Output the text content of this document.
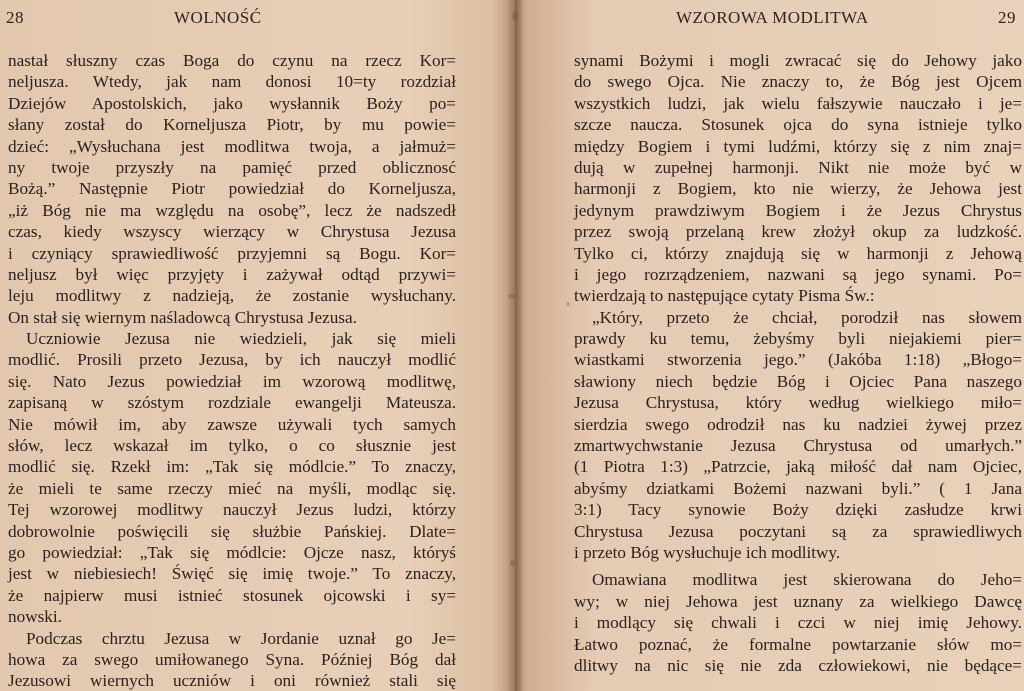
28	WOLNOŚĆ
nastał słuszny czas Boga do czynu na rzecz Kor=
neljusza. Wtedy, jak nam donosi 10=ty rozdział
Dziejów Apostolskich, jako wysłannik Boży po=
słany został do Korneljusza Piotr, by mu powie=
dzieć: „Wysłuchana jest modlitwa twoja, a jałmuż=
ny twoje przyszły na pamięć przed oblicznosć
Bożą.” Następnie Piotr powiedział do Korneljusza,
„iż Bóg nie ma względu na osobę”, lecz że nadszedł
czas, kiedy wszyscy wierzący w Chrystusa Jezusa
i czyniący sprawiedliwość przyjemni są Bogu. Kor=
neljusz był więc przyjęty i zażywał odtąd przywi=
leju modlitwy z nadzieją, że zostanie wysłuchany.
On stał się wiernym naśladowcą Chrystusa Jezusa.
Uczniowie Jezusa nie wiedzieli, jak się mieli
modlić. Prosili przeto Jezusa, by ich nauczył modlić
się. Nato Jezus powiedział im wzorową modlitwę,
zapisaną w szóstym rozdziale ewangelji Mateusza.
Nie mówił im, aby zawsze używali tych samych
słów, lecz wskazał im tylko, o co słusznie jest
modlić się. Rzekł im: „Tak się módlcie.” To znaczy,
że mieli te same rzeczy mieć na myśli, modląc się.
Tej wzorowej modlitwy nauczył Jezus ludzi, którzy
dobrowolnie poświęcili się służbie Pańskiej. Dlate=
go powiedział: „Tak się módlcie: Ojcze nasz, któryś
jest w niebiesiech! Święć się imię twoje.” To znaczy,
że najpierw musi istnieć stosunek ojcowski i sy=
nowski.
Podczas chrztu Jezusa w Jordanie uznał go Je=
howa za swego umiłowanego Syna. Później Bóg dał
Jezusowi wiernych uczniów i oni również stali się
WZOROWA MODLITWA	29
synami Bożymi i mogli zwracać się do Jehowy jako
do swego Ojca. Nie znaczy to, że Bóg jest Ojcem
wszystkich ludzi, jak wielu fałszywie nauczało i je=
szcze naucza. Stosunek ojca do syna istnieje tylko
między Bogiem i tymi ludźmi, którzy się z nim znaj=
dują w zupełnej harmonji. Nikt nie może być w
harmonji z Bogiem, kto nie wierzy, że Jehowa jest
jedynym prawdziwym Bogiem i że Jezus Chrystus
przez swoją przelaną krew złożył okup za ludzkość.
Tylko ci, którzy znajdują się w harmonji z Jehową
i jego rozrządzeniem, nazwani są jego synami. Po=
twierdzają to następujące cytaty Pisma Św.:
„Który, przeto że chciał, porodził nas słowem
prawdy ku temu, żebyśmy byli niejakiemi pier=
wiastkami stworzenia jego.” (Jakóba 1:18) „Błogo=
sławiony niech będzie Bóg i Ojciec Pana naszego
Jezusa Chrystusa, który według wielkiego miło=
sierdzia swego odrodził nas ku nadziei żywej przez
zmartwychwstanie Jezusa Chrystusa od umarłych.”
(1 Piotra 1:3) „Patrzcie, jaką miłość dał nam Ojciec,
abyśmy dziatkami Bożemi nazwani byli.” ( 1 Jana
3:1) Tacy synowie Boży dzięki zasłudze krwi
Chrystusa Jezusa poczytani są za sprawiedliwych
i przeto Bóg wysłuchuje ich modlitwy.
Omawiana modlitwa jest skierowana do Jeho=
wy; w niej Jehowa jest uznany za wielkiego Dawcę
i modlący się chwali i czci w niej imię Jehowy.
Łatwo poznać, że formalne powtarzanie słów mo=
dlitwy na nic się nie zda człowiekowi, nie będące=
